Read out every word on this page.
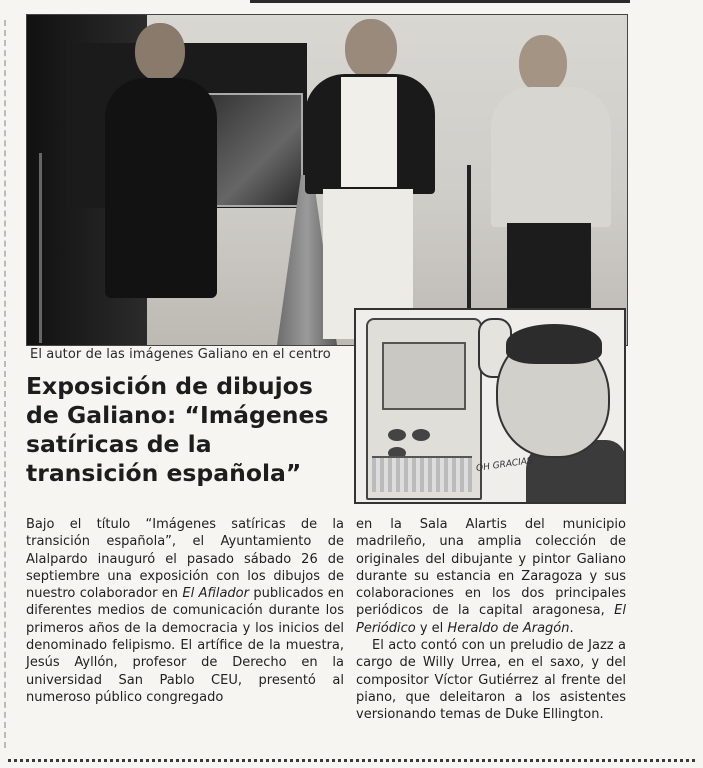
OH GRACIAS
El autor de las imágenes Galiano en el centro
Exposición de dibujos de Galiano: “Imágenes satíricas de la transición española”

Bajo el título “Imágenes satíricas de la transición española”, el Ayuntamiento de Alalpardo inauguró el pasado sábado 26 de septiembre una exposición con los dibujos de nuestro colaborador en El Afilador publicados en diferentes medios de comunicación durante los primeros años de la democracia y los inicios del denominado felipismo. El artífice de la muestra, Jesús Ayllón, profesor de Derecho en la universidad San Pablo CEU, presentó al numeroso público congregado

en la Sala Alartis del municipio madrileño, una amplia colección de originales del dibujante y pintor Galiano durante su estancia en Zaragoza y sus colaboraciones en los dos principales periódicos de la capital aragonesa, El Periódico y el Heraldo de Aragón.

El acto contó con un preludio de Jazz a cargo de Willy Urrea, en el saxo, y del compositor Víctor Gutiérrez al frente del piano, que deleitaron a los asistentes versionando temas de Duke Ellington.
